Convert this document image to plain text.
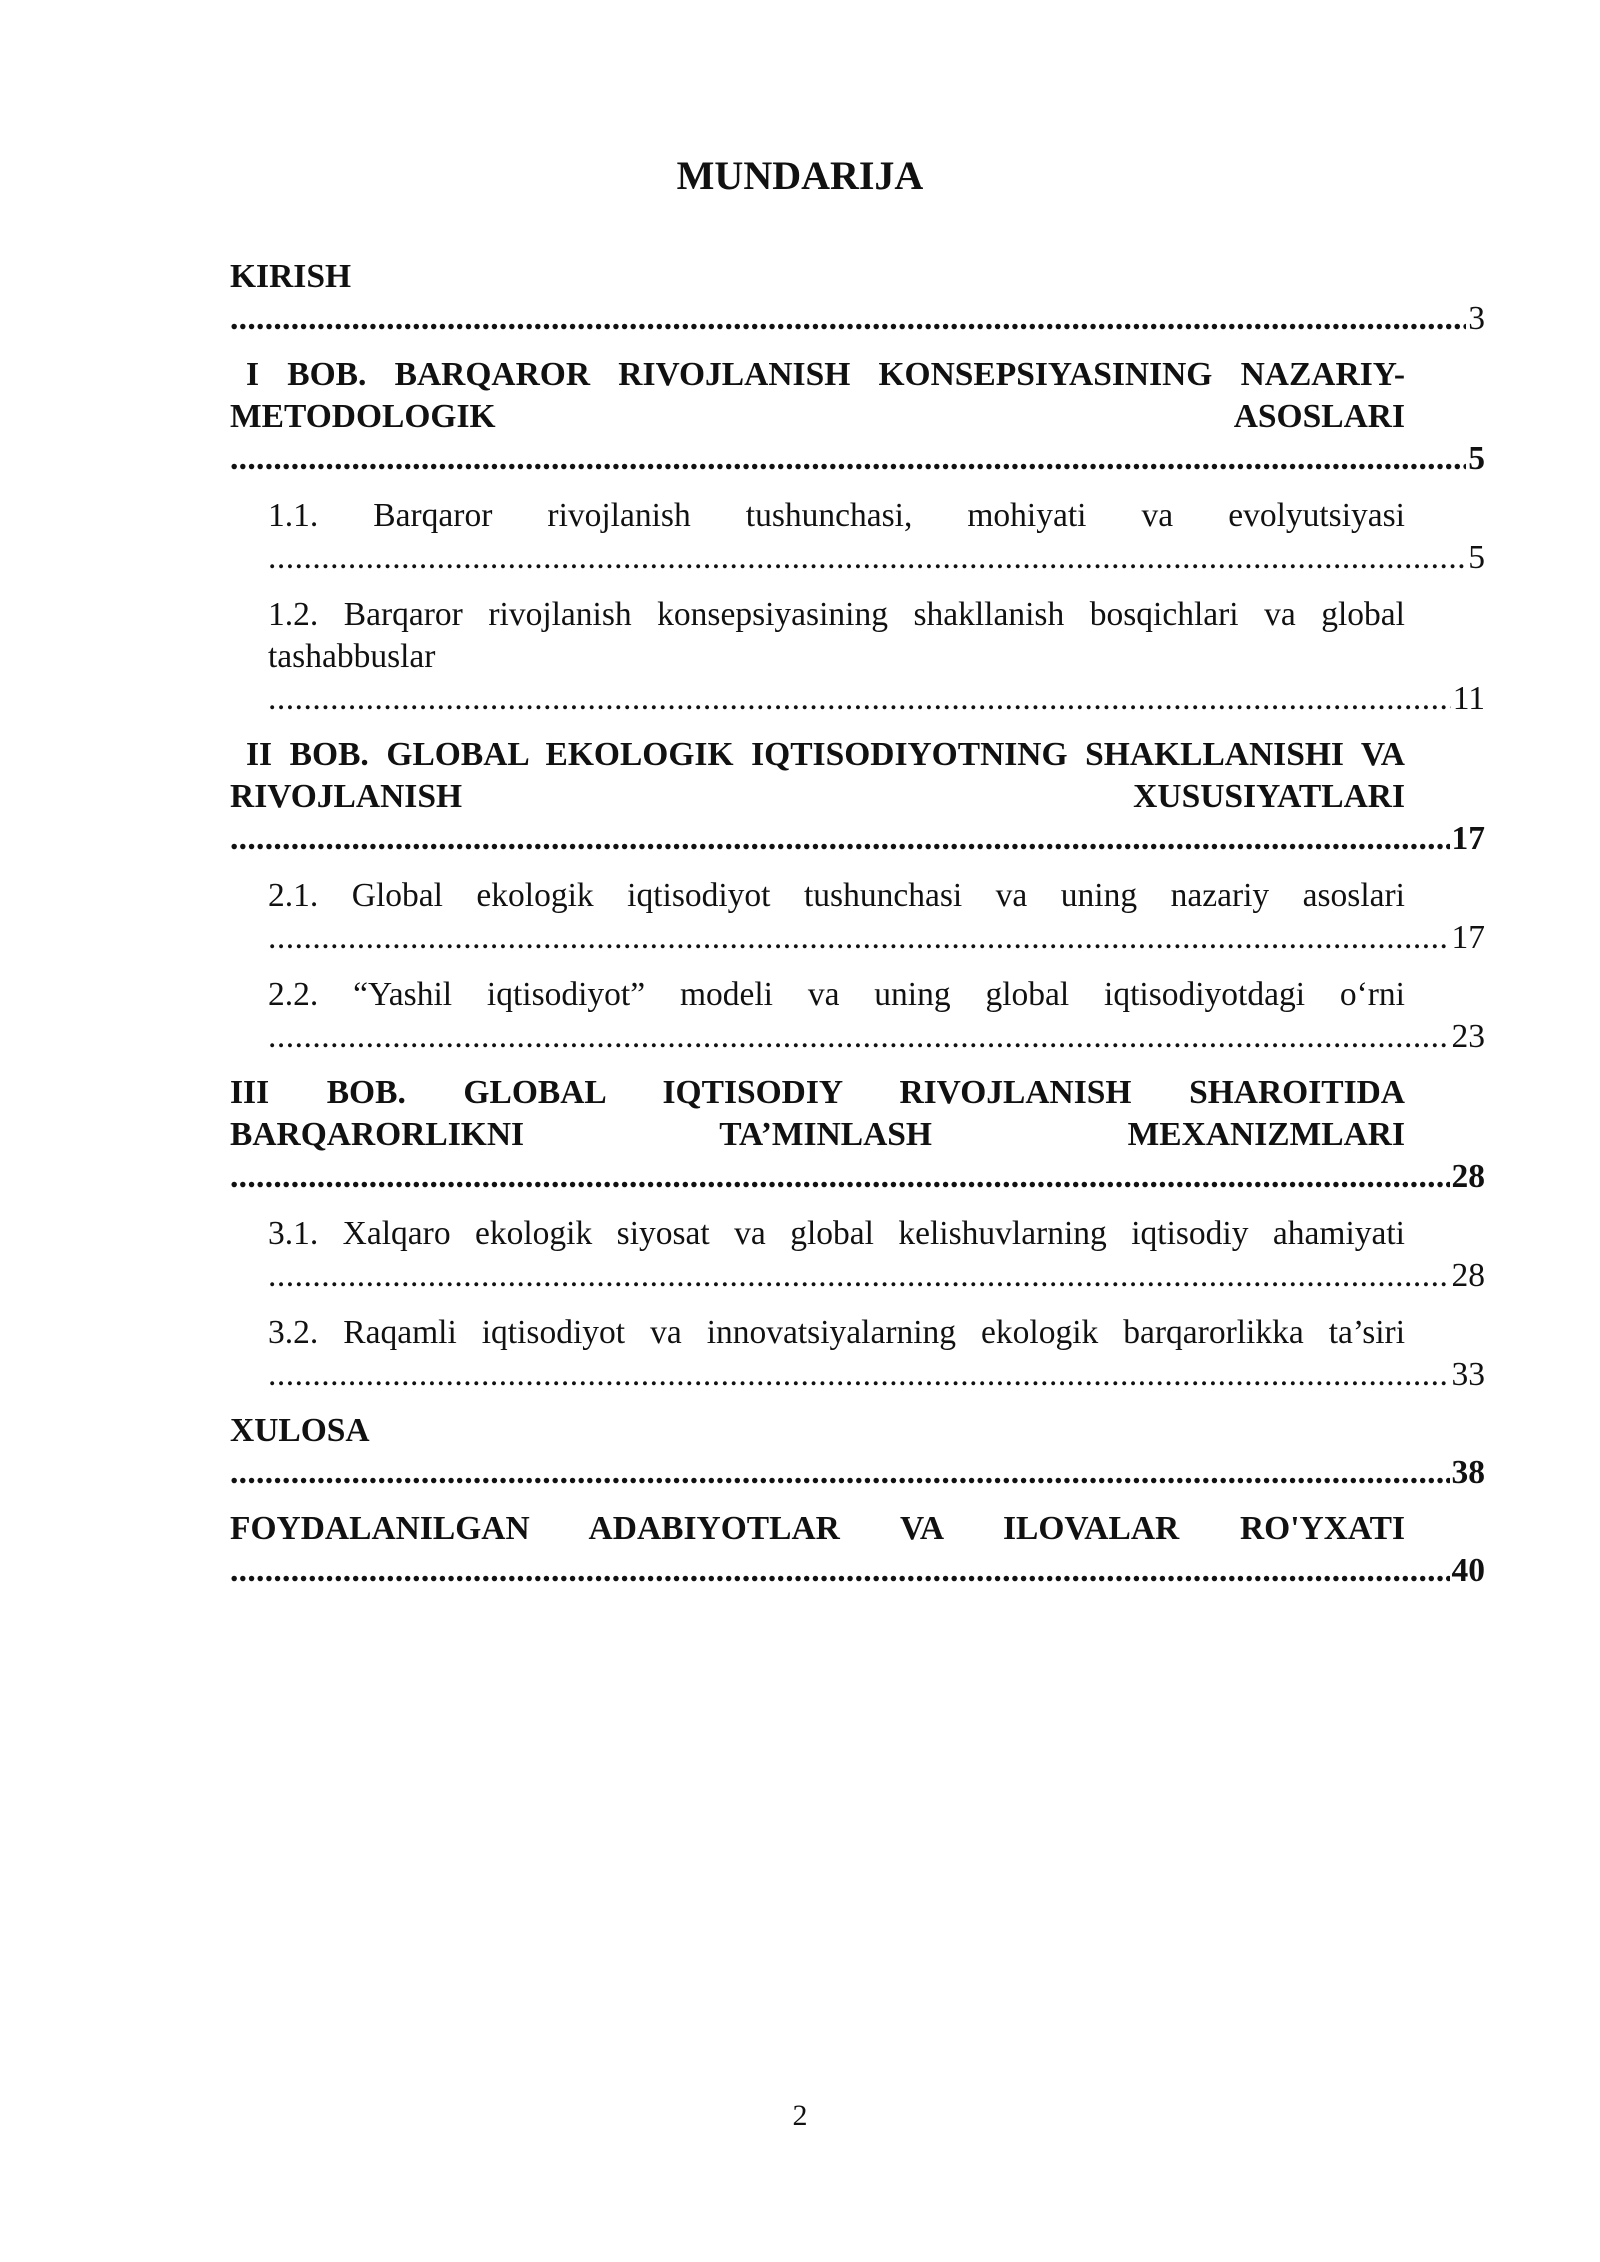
MUNDARIJA
KIRISH .....
3
I BOB. BARQAROR RIVOJLANISH KONSEPSIYASINING NAZARIY-METODOLOGIK ASOSLARI .....
5
1.1. Barqaror rivojlanish tushunchasi, mohiyati va evolyutsiyasi .....
5
1.2. Barqaror rivojlanish konsepsiyasining shakllanish bosqichlari va global tashabbuslar .....
11
II BOB. GLOBAL EKOLOGIK IQTISODIYOTNING SHAKLLANISHI VA RIVOJLANISH XUSUSIYATLARI .....
17
2.1. Global ekologik iqtisodiyot tushunchasi va uning nazariy asoslari .....
17
2.2. “Yashil iqtisodiyot” modeli va uning global iqtisodiyotdagi o‘rni .....
23
III BOB. GLOBAL IQTISODIY RIVOJLANISH SHAROITIDA BARQARORLIKNI TA’MINLASH MEXANIZMLARI .....
28
3.1. Xalqaro ekologik siyosat va global kelishuvlarning iqtisodiy ahamiyati .....
28
3.2. Raqamli iqtisodiyot va innovatsiyalarning ekologik barqarorlikka ta’siri .....
33
XULOSA .....
38
FOYDALANILGAN ADABIYOTLAR VA ILOVALAR RO'YXATI .....
40
2
